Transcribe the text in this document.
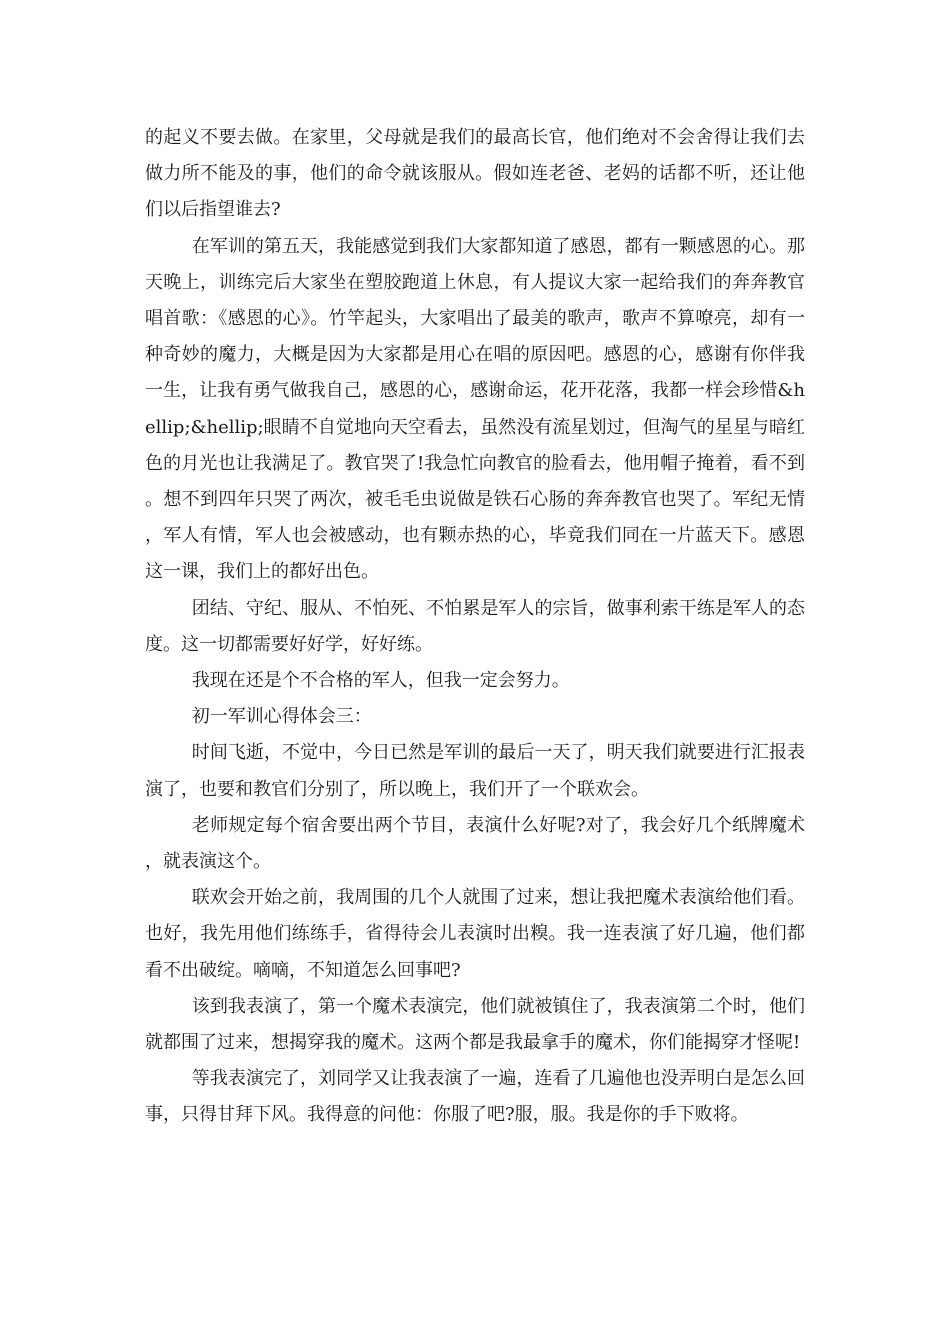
的起义不要去做。在家里，父母就是我们的最高长官，他们绝对不会舍得让我们去做力所不能及的事，他们的命令就该服从。假如连老爸、老妈的话都不听，还让他们以后指望谁去?

在军训的第五天，我能感觉到我们大家都知道了感恩，都有一颗感恩的心。那天晚上，训练完后大家坐在塑胶跑道上休息，有人提议大家一起给我们的奔奔教官唱首歌：《感恩的心》。竹竿起头，大家唱出了最美的歌声，歌声不算嘹亮，却有一种奇妙的魔力，大概是因为大家都是用心在唱的原因吧。感恩的心，感谢有你伴我一生，让我有勇气做我自己，感恩的心，感谢命运，花开花落，我都一样会珍惜&hellip;&hellip;眼睛不自觉地向天空看去，虽然没有流星划过，但淘气的星星与暗红色的月光也让我满足了。教官哭了!我急忙向教官的脸看去，他用帽子掩着，看不到。想不到四年只哭了两次，被毛毛虫说做是铁石心肠的奔奔教官也哭了。军纪无情，军人有情，军人也会被感动，也有颗赤热的心，毕竟我们同在一片蓝天下。感恩这一课，我们上的都好出色。

团结、守纪、服从、不怕死、不怕累是军人的宗旨，做事利索干练是军人的态度。这一切都需要好好学，好好练。

我现在还是个不合格的军人，但我一定会努力。

初一军训心得体会三：

时间飞逝，不觉中，今日已然是军训的最后一天了，明天我们就要进行汇报表演了，也要和教官们分别了，所以晚上，我们开了一个联欢会。

老师规定每个宿舍要出两个节目，表演什么好呢?对了，我会好几个纸牌魔术，就表演这个。

联欢会开始之前，我周围的几个人就围了过来，想让我把魔术表演给他们看。也好，我先用他们练练手，省得待会儿表演时出糗。我一连表演了好几遍，他们都看不出破绽。嘀嘀，不知道怎么回事吧?

该到我表演了，第一个魔术表演完，他们就被镇住了，我表演第二个时，他们就都围了过来，想揭穿我的魔术。这两个都是我最拿手的魔术，你们能揭穿才怪呢!

等我表演完了，刘同学又让我表演了一遍，连看了几遍他也没弄明白是怎么回事，只得甘拜下风。我得意的问他：你服了吧?服，服。我是你的手下败将。
